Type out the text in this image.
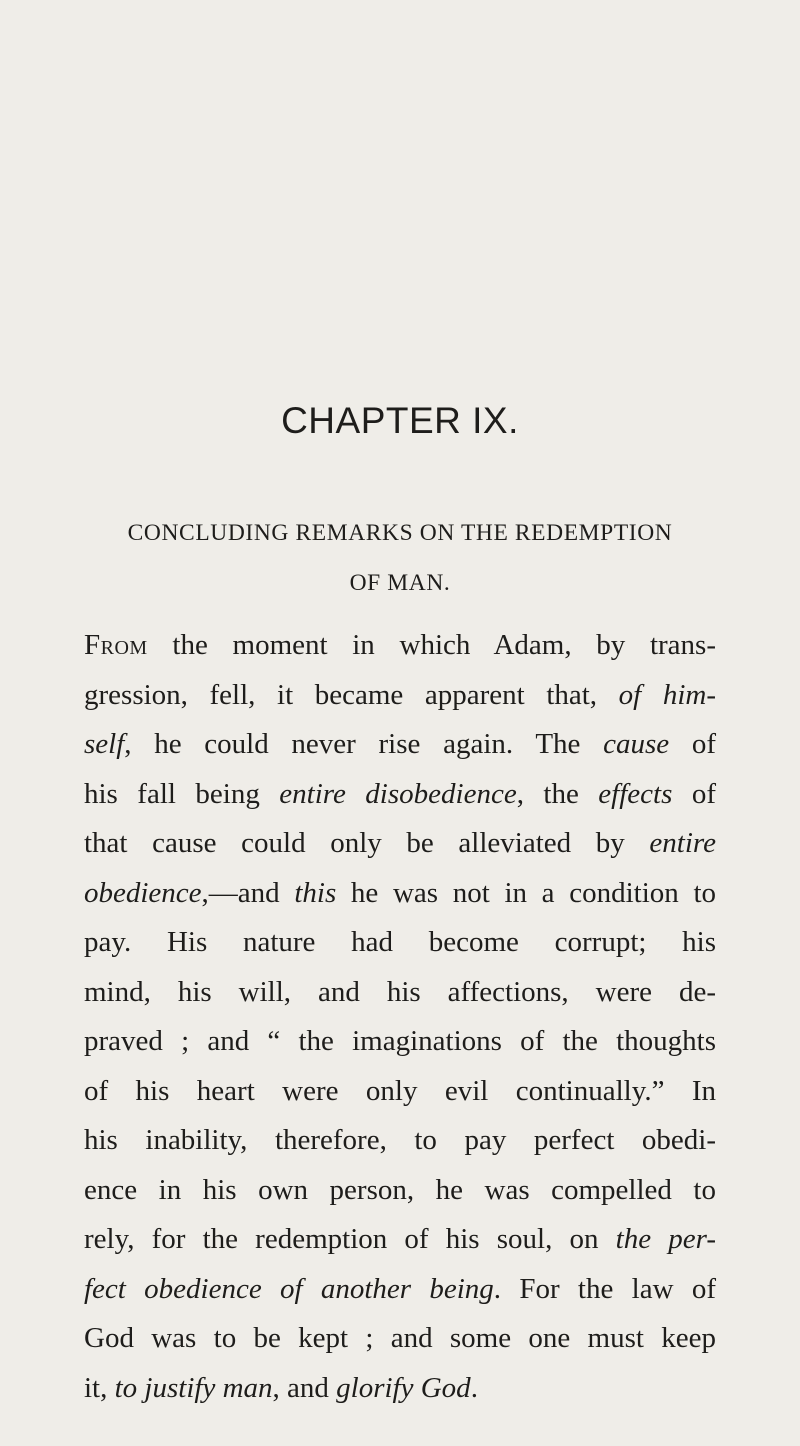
CHAPTER IX.
CONCLUDING REMARKS ON THE REDEMPTION
OF MAN.
From the moment in which Adam, by trans-
gression, fell, it became apparent that, of him-
self, he could never rise again. The cause of
his fall being entire disobedience, the effects of
that cause could only be alleviated by entire
obedience,—and this he was not in a condition to
pay. His nature had become corrupt; his
mind, his will, and his affections, were de-
praved ; and “ the imaginations of the thoughts
of his heart were only evil continually.” In
his inability, therefore, to pay perfect obedi-
ence in his own person, he was compelled to
rely, for the redemption of his soul, on the per-
fect obedience of another being. For the law of
God was to be kept ; and some one must keep
it, to justify man, and glorify God.
